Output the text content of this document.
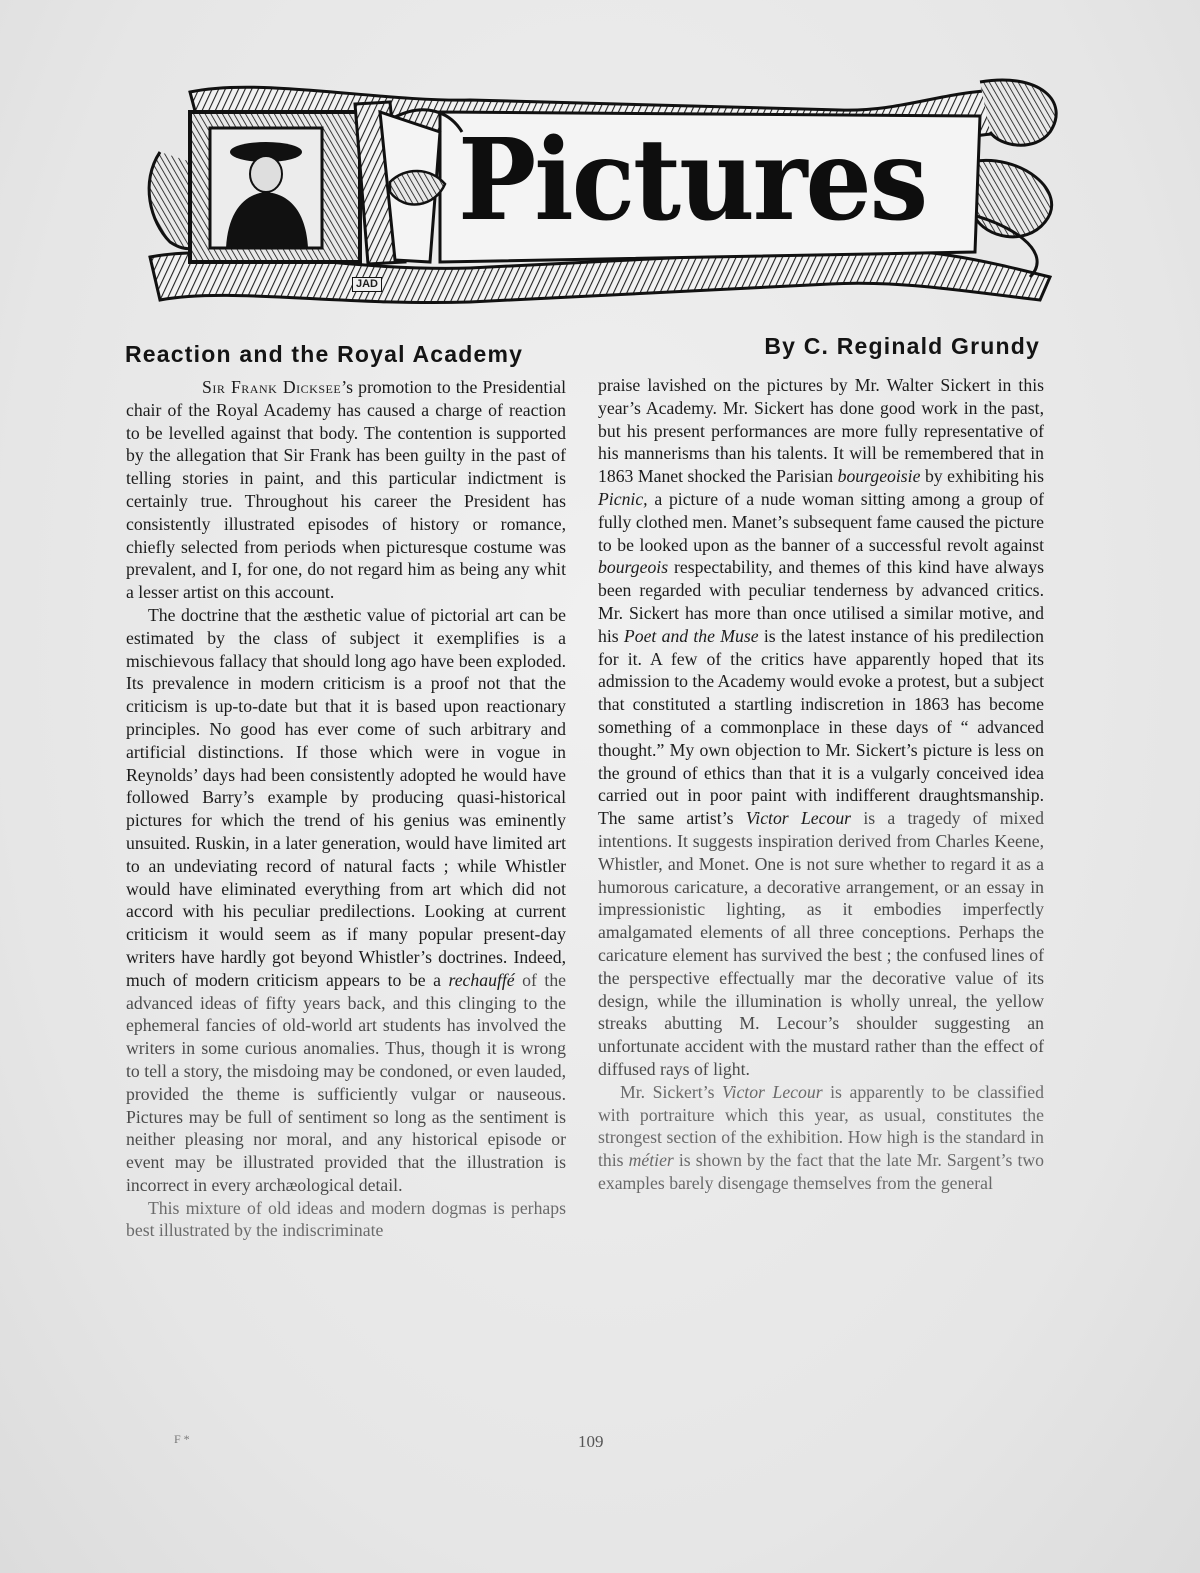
Pictures
JAD
Reaction and the Royal Academy	By C. Reginald Grundy

Sir Frank Dicksee’s promotion to the Presidential chair of the Royal Academy has caused a charge of reaction to be levelled against that body. The contention is supported by the allegation that Sir Frank has been guilty in the past of telling stories in paint, and this particular indictment is certainly true. Throughout his career the President has consistently illustrated episodes of history or romance, chiefly selected from periods when picturesque costume was prevalent, and I, for one, do not regard him as being any whit a lesser artist on this account.

The doctrine that the æsthetic value of pictorial art can be estimated by the class of subject it exemplifies is a mischievous fallacy that should long ago have been exploded. Its prevalence in modern criticism is a proof not that the criticism is up-to-date but that it is based upon reactionary principles. No good has ever come of such arbitrary and artificial distinctions. If those which were in vogue in Reynolds’ days had been consistently adopted he would have followed Barry’s example by producing quasi-historical pictures for which the trend of his genius was eminently unsuited. Ruskin, in a later generation, would have limited art to an undeviating record of natural facts ; while Whistler would have eliminated everything from art which did not accord with his peculiar predilections. Looking at current criticism it would seem as if many popular present-day writers have hardly got beyond Whistler’s doctrines. Indeed, much of modern criticism appears to be a rechauffé of the advanced ideas of fifty years back, and this clinging to the ephemeral fancies of old-world art students has involved the writers in some curious anomalies. Thus, though it is wrong to tell a story, the misdoing may be condoned, or even lauded, provided the theme is sufficiently vulgar or nauseous. Pictures may be full of sentiment so long as the sentiment is neither pleasing nor moral, and any historical episode or event may be illustrated provided that the illustration is incorrect in every archæological detail.

This mixture of old ideas and modern dogmas is perhaps best illustrated by the indiscriminate

praise lavished on the pictures by Mr. Walter Sickert in this year’s Academy. Mr. Sickert has done good work in the past, but his present performances are more fully representative of his mannerisms than his talents. It will be remembered that in 1863 Manet shocked the Parisian bourgeoisie by exhibiting his Picnic, a picture of a nude woman sitting among a group of fully clothed men. Manet’s subsequent fame caused the picture to be looked upon as the banner of a successful revolt against bourgeois respectability, and themes of this kind have always been regarded with peculiar tenderness by advanced critics. Mr. Sickert has more than once utilised a similar motive, and his Poet and the Muse is the latest instance of his predilection for it. A few of the critics have apparently hoped that its admission to the Academy would evoke a protest, but a subject that constituted a startling indiscretion in 1863 has become something of a commonplace in these days of “ advanced thought.” My own objection to Mr. Sickert’s picture is less on the ground of ethics than that it is a vulgarly conceived idea carried out in poor paint with indifferent draughtsmanship. The same artist’s Victor Lecour is a tragedy of mixed intentions. It suggests inspiration derived from Charles Keene, Whistler, and Monet. One is not sure whether to regard it as a humorous caricature, a decorative arrangement, or an essay in impressionistic lighting, as it embodies imperfectly amalgamated elements of all three conceptions. Perhaps the caricature element has survived the best ; the confused lines of the perspective effectually mar the decorative value of its design, while the illumination is wholly unreal, the yellow streaks abutting M. Lecour’s shoulder suggesting an unfortunate accident with the mustard rather than the effect of diffused rays of light.

Mr. Sickert’s Victor Lecour is apparently to be classified with portraiture which this year, as usual, constitutes the strongest section of the exhibition. How high is the standard in this métier is shown by the fact that the late Mr. Sargent’s two examples barely disengage themselves from the general

F *	109
